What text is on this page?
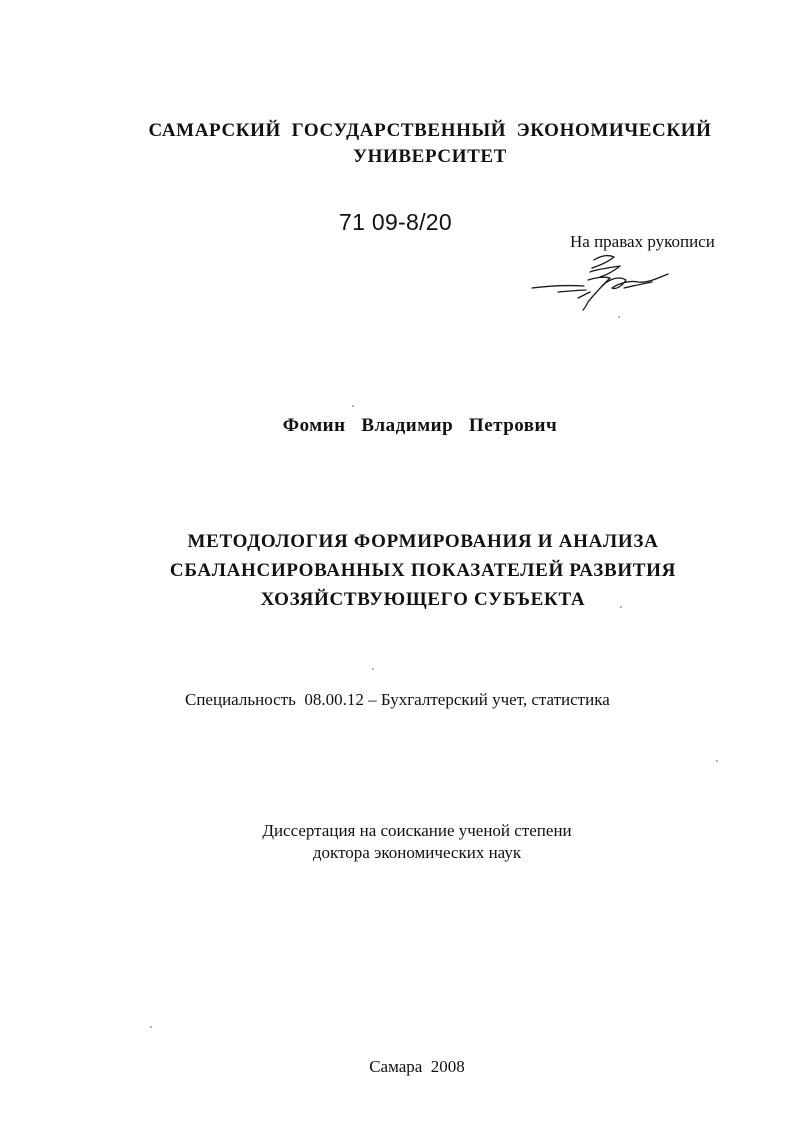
САМАРСКИЙ  ГОСУДАРСТВЕННЫЙ  ЭКОНОМИЧЕСКИЙ
УНИВЕРСИТЕТ
71 09-8/20
На правах рукописи
Фомин   Владимир   Петрович
МЕТОДОЛОГИЯ ФОРМИРОВАНИЯ И АНАЛИЗА
СБАЛАНСИРОВАННЫХ ПОКАЗАТЕЛЕЙ РАЗВИТИЯ
ХОЗЯЙСТВУЮЩЕГО СУБЪЕКТА
Специальность  08.00.12 – Бухгалтерский учет, статистика
Диссертация на соискание ученой степени
доктора экономических наук
Самара  2008
